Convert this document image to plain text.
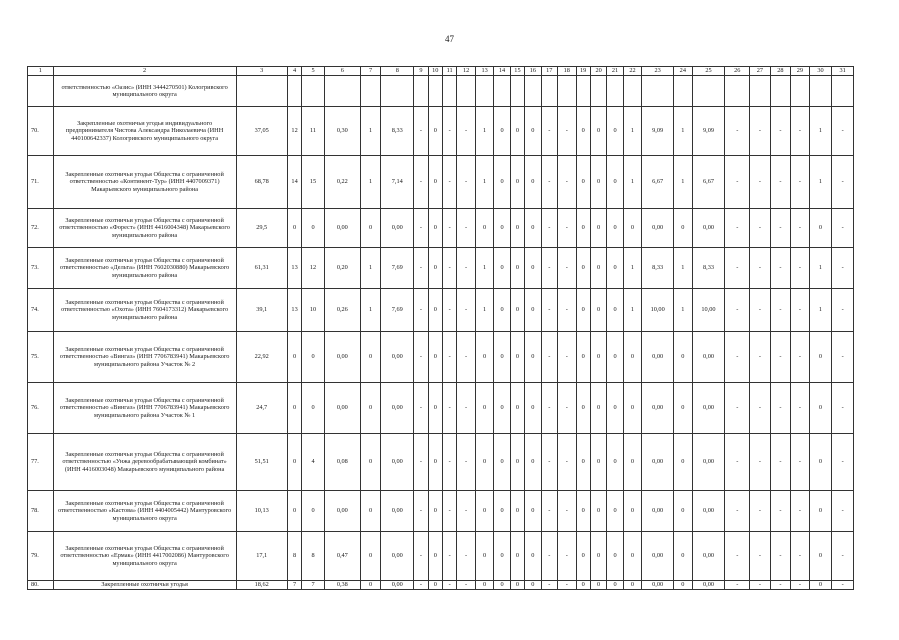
47
1	2	3	4	5	6	7	8	9	10	11	12	13	14	15	16	17	18	19	20	21	22	23	24	25	26	27	28	29	30	31
	ответственностью «Оазис» (ИНН 3444270501) Кологривского муниципального округа																													
70.	Закрепленные охотничьи угодья индивидуального предпринимателя Чистова Александра Николаевича (ИНН 440100642337) Кологривского муниципального округа	37,05	12	11	0,30	1	8,33	-	0	-	-	1	0	0	0	-	-	0	0	0	1	9,09	1	9,09	-	-	-	-	1	-
71.	Закрепленные охотничьи угодья Общества с ограниченной ответственностью «Континент-Тур» (ИНН 4407009371) Макарьевского муниципального района	68,78	14	15	0,22	1	7,14	-	0	-	-	1	0	0	0	-	-	0	0	0	1	6,67	1	6,67	-	-	-	-	1	-
72.	Закрепленные охотничьи угодья Общества с ограниченной ответственностью «Форест» (ИНН 4416004348) Макарьевского муниципального района	29,5	0	0	0,00	0	0,00	-	0	-	-	0	0	0	0	-	-	0	0	0	0	0,00	0	0,00	-	-	-	-	0	-
73.	Закрепленные охотничьи угодья Общества с ограниченной ответственностью «Дельта» (ИНН 7602030880) Макарьевского муниципального района	61,31	13	12	0,20	1	7,69	-	0	-	-	1	0	0	0	-	-	0	0	0	1	8,33	1	8,33	-	-	-	-	1	-
74.	Закрепленные охотничьи угодья Общества с ограниченной ответственностью «Охота» (ИНН 7604173312) Макарьевского муниципального района	39,1	13	10	0,26	1	7,69	-	0	-	-	1	0	0	0	-	-	0	0	0	1	10,00	1	10,00	-	-	-	-	1	-
75.	Закрепленные охотничьи угодья Общества с ограниченной ответственностью «Вингаз» (ИНН 7706783941) Макарьевского муниципального района Участок № 2	22,92	0	0	0,00	0	0,00	-	0	-	-	0	0	0	0	-	-	0	0	0	0	0,00	0	0,00	-	-	-	-	0	-
76.	Закрепленные охотничьи угодья Общества с ограниченной ответственностью «Вингаз» (ИНН 7706783941) Макарьевского муниципального района Участок № 1	24,7	0	0	0,00	0	0,00	-	0	-	-	0	0	0	0	-	-	0	0	0	0	0,00	0	0,00	-	-	-	-	0	-
77.	Закрепленные охотничьи угодья Общества с ограниченной ответственностью «Унжа деревообрабатывающий комбинат» (ИНН 4416003048) Макарьевского муниципального района	51,51	0	4	0,08	0	0,00	-	0	-	-	0	0	0	0	-	-	0	0	0	0	0,00	0	0,00	-	-	-	-	0	-
78.	Закрепленные охотничьи угодья Общества с ограниченной ответственностью «Кастова» (ИНН 4404005442) Мантуровского муниципального округа	10,13	0	0	0,00	0	0,00	-	0	-	-	0	0	0	0	-	-	0	0	0	0	0,00	0	0,00	-	-	-	-	0	-
79.	Закрепленные охотничьи угодья Общества с ограниченной ответственностью «Ермак» (ИНН 4417002086) Мантуровского муниципального округа	17,1	8	8	0,47	0	0,00	-	0	-	-	0	0	0	0	-	-	0	0	0	0	0,00	0	0,00	-	-	-	-	0	-
80.	Закрепленные охотничьи угодья	18,62	7	7	0,38	0	0,00	-	0	-	-	0	0	0	0	-	-	0	0	0	0	0,00	0	0,00	-	-	-	-	0	-
